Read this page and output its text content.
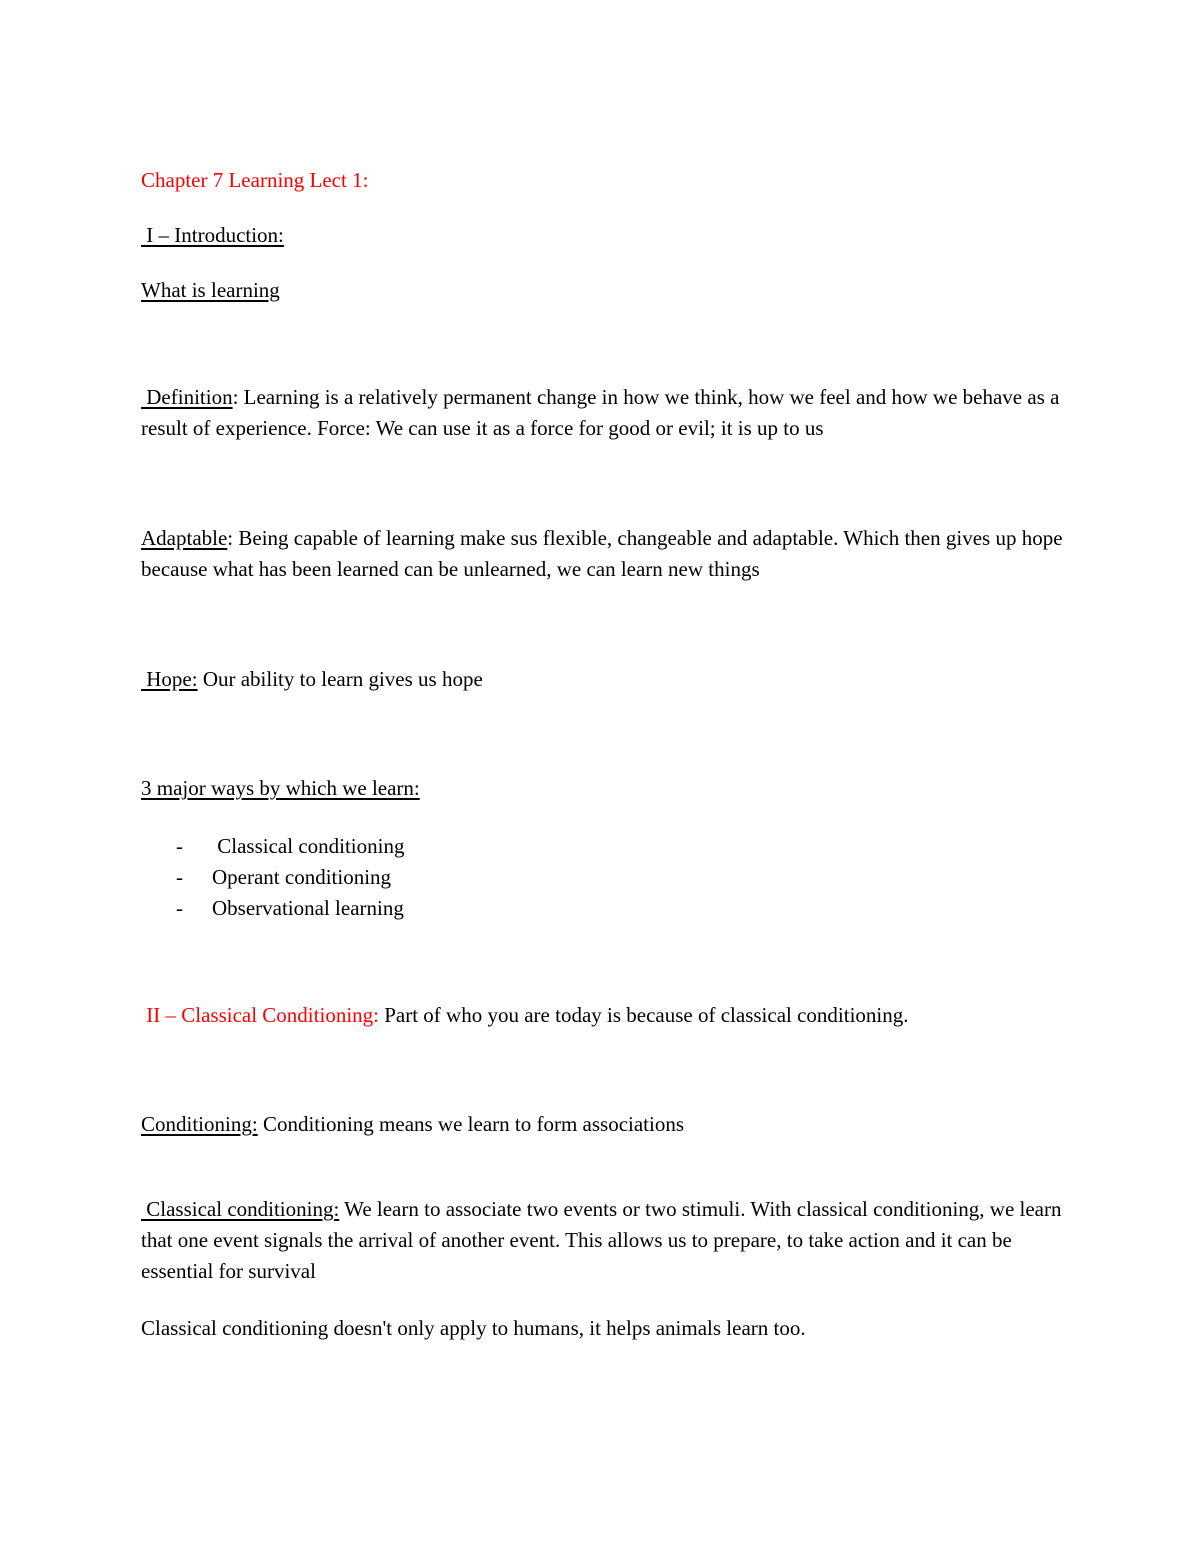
Chapter 7 Learning Lect 1:
I – Introduction:
What is learning
Definition: Learning is a relatively permanent change in how we think, how we feel and how we behave as a result of experience. Force: We can use it as a force for good or evil; it is up to us
Adaptable: Being capable of learning make sus flexible, changeable and adaptable. Which then gives up hope because what has been learned can be unlearned, we can learn new things
Hope: Our ability to learn gives us hope
3 major ways by which we learn:
- Classical conditioning
- Operant conditioning
- Observational learning
II – Classical Conditioning: Part of who you are today is because of classical conditioning.
Conditioning: Conditioning means we learn to form associations
Classical conditioning: We learn to associate two events or two stimuli. With classical conditioning, we learn that one event signals the arrival of another event. This allows us to prepare, to take action and it can be essential for survival
Classical conditioning doesn't only apply to humans, it helps animals learn too.
